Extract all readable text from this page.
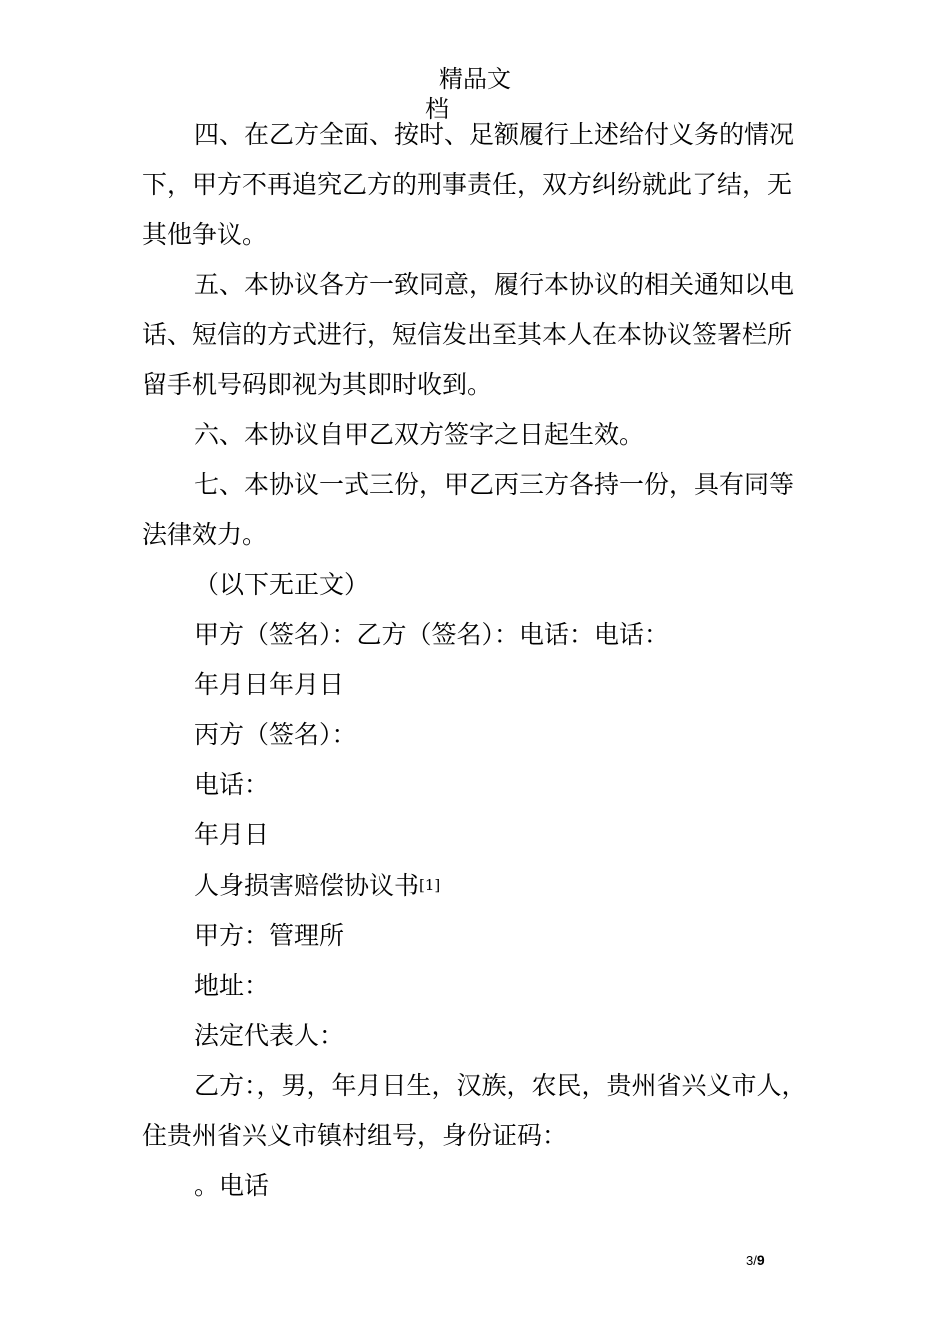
精品文
档

四、在乙方全面、按时、足额履行上述给付义务的情况下，甲方不再追究乙方的刑事责任，双方纠纷就此了结，无其他争议。

五、本协议各方一致同意，履行本协议的相关通知以电话、短信的方式进行，短信发出至其本人在本协议签署栏所留手机号码即视为其即时收到。

六、本协议自甲乙双方签字之日起生效。

七、本协议一式三份，甲乙丙三方各持一份，具有同等法律效力。

（以下无正文）

甲方（签名）：乙方（签名）：电话：电话：

年月日年月日

丙方（签名）：

电话：

年月日

人身损害赔偿协议书[1]

甲方：管理所

地址：

法定代表人：

乙方：，男，年月日生，汉族，农民，贵州省兴义市人，住贵州省兴义市镇村组号，身份证码：

。电话

3/9
